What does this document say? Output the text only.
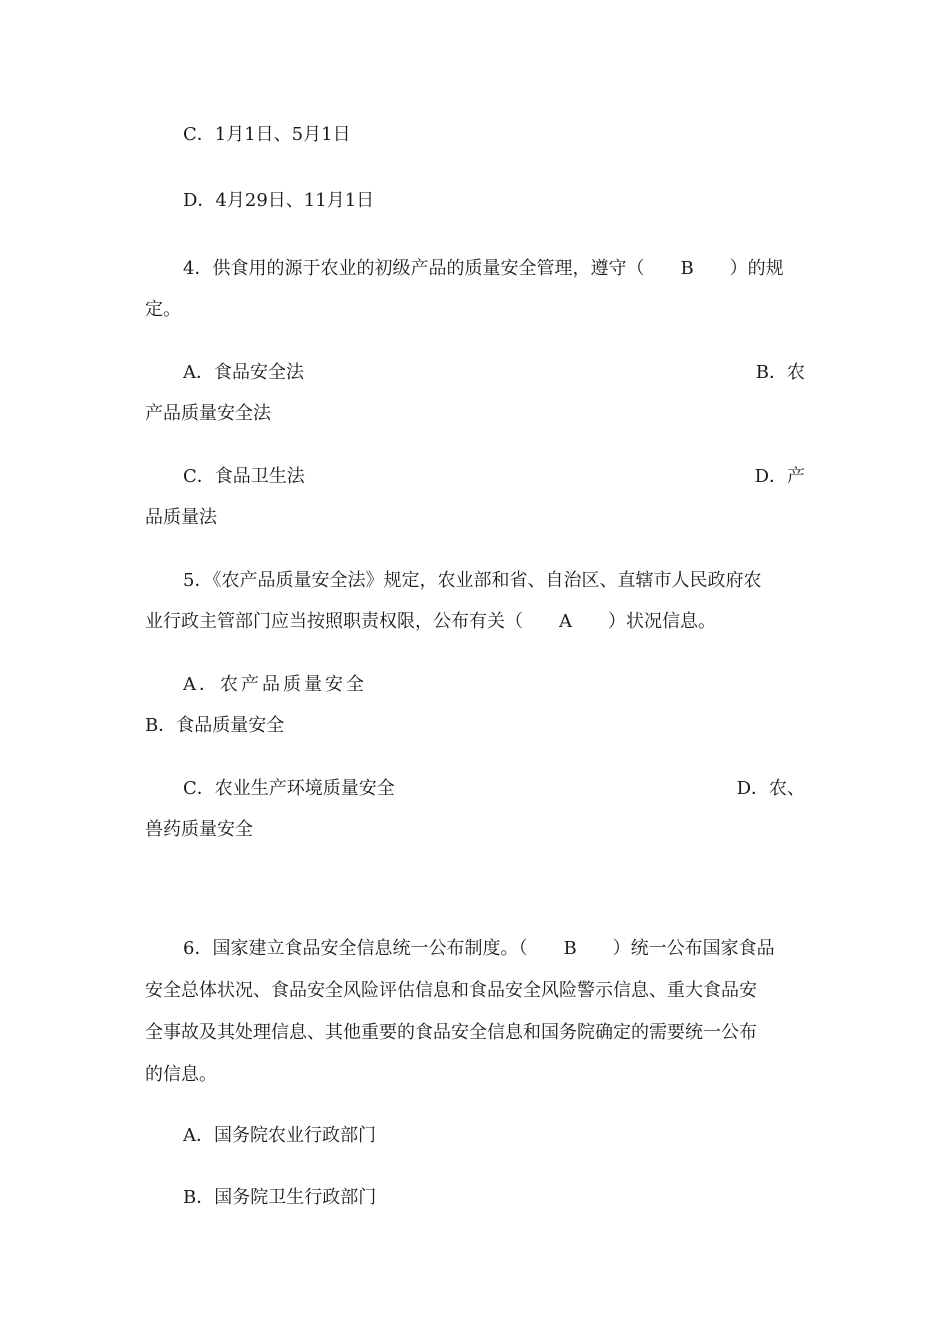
C．1月1日、5月1日
D．4月29日、11月1日
4．供食用的源于农业的初级产品的质量安全管理，遵守（　　B　　）的规
定。
A．食品安全法	B．农
产品质量安全法
C．食品卫生法	D．产
品质量法
5．《农产品质量安全法》规定，农业部和省、自治区、直辖市人民政府农
业行政主管部门应当按照职责权限，公布有关（　　A　　）状况信息。
A．农产品质量安全
B．食品质量安全
C．农业生产环境质量安全	D．农、
兽药质量安全
6．国家建立食品安全信息统一公布制度。（　　B　　）统一公布国家食品
安全总体状况、食品安全风险评估信息和食品安全风险警示信息、重大食品安
全事故及其处理信息、其他重要的食品安全信息和国务院确定的需要统一公布
的信息。
A．国务院农业行政部门
B．国务院卫生行政部门
